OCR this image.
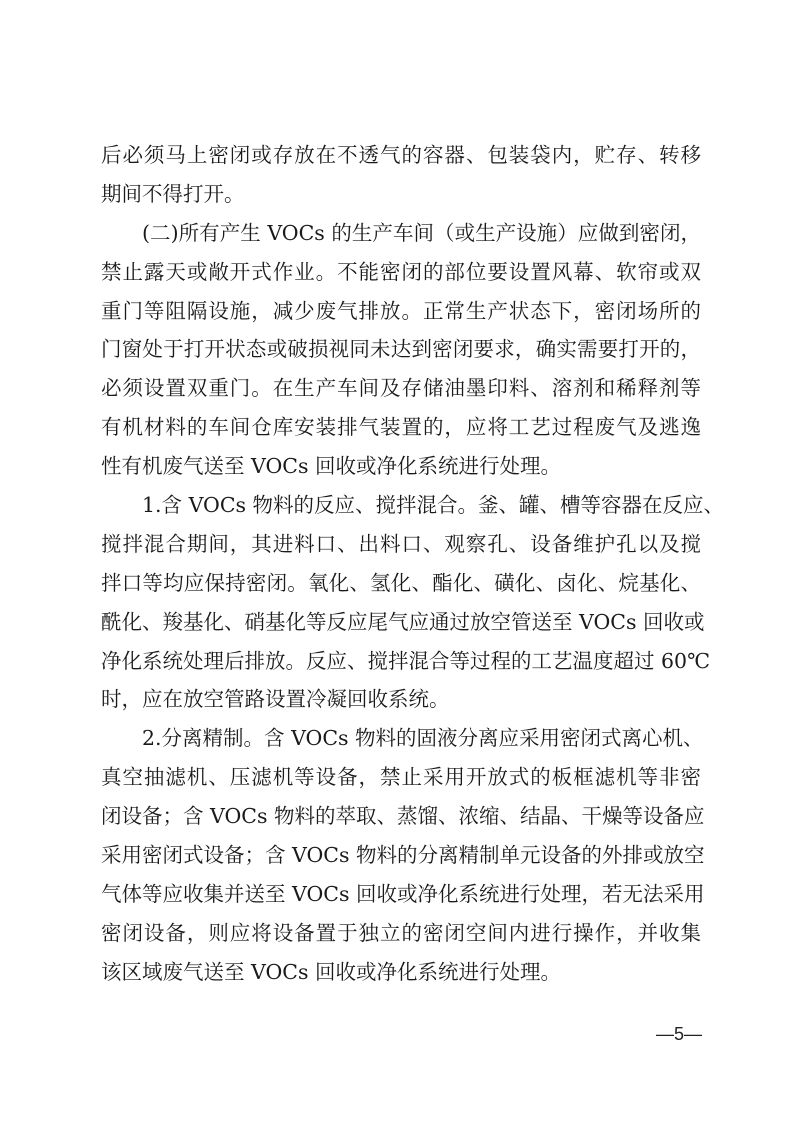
后必须马上密闭或存放在不透气的容器、包装袋内，贮存、转移
期间不得打开。
(二)所有产生 VOCs 的生产车间（或生产设施）应做到密闭，
禁止露天或敞开式作业。不能密闭的部位要设置风幕、软帘或双
重门等阻隔设施，减少废气排放。正常生产状态下，密闭场所的
门窗处于打开状态或破损视同未达到密闭要求，确实需要打开的，
必须设置双重门。在生产车间及存储油墨印料、溶剂和稀释剂等
有机材料的车间仓库安装排气装置的，应将工艺过程废气及逃逸
性有机废气送至 VOCs 回收或净化系统进行处理。
1.含 VOCs 物料的反应、搅拌混合。釜、罐、槽等容器在反应、
搅拌混合期间，其进料口、出料口、观察孔、设备维护孔以及搅
拌口等均应保持密闭。氧化、氢化、酯化、磺化、卤化、烷基化、
酰化、羧基化、硝基化等反应尾气应通过放空管送至 VOCs 回收或
净化系统处理后排放。反应、搅拌混合等过程的工艺温度超过 60℃
时，应在放空管路设置冷凝回收系统。
2.分离精制。含 VOCs 物料的固液分离应采用密闭式离心机、
真空抽滤机、压滤机等设备，禁止采用开放式的板框滤机等非密
闭设备；含 VOCs 物料的萃取、蒸馏、浓缩、结晶、干燥等设备应
采用密闭式设备；含 VOCs 物料的分离精制单元设备的外排或放空
气体等应收集并送至 VOCs 回收或净化系统进行处理，若无法采用
密闭设备，则应将设备置于独立的密闭空间内进行操作，并收集
该区域废气送至 VOCs 回收或净化系统进行处理。
—5—
